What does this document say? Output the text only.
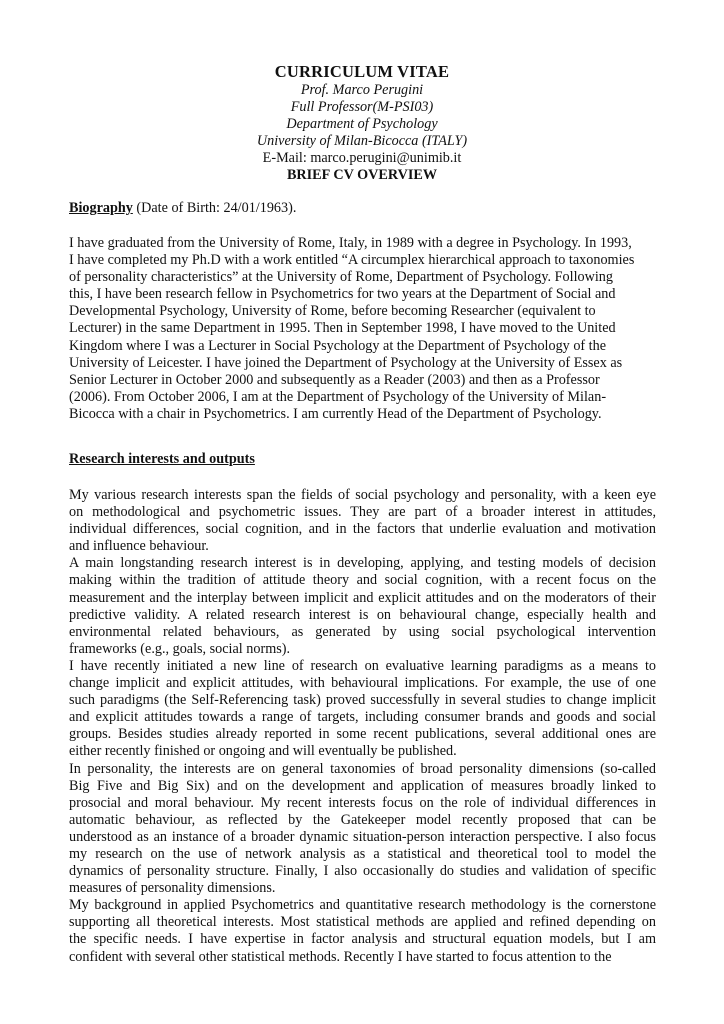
CURRICULUM VITAE
Prof. Marco Perugini
Full Professor(M-PSI03)
Department of Psychology
University of Milan-Bicocca (ITALY)
E-Mail: marco.perugini@unimib.it
BRIEF CV OVERVIEW
Biography (Date of Birth: 24/01/1963).
I have graduated from the University of Rome, Italy, in 1989 with a degree in Psychology. In 1993,
I have completed my Ph.D with a work entitled “A circumplex hierarchical approach to taxonomies
of personality characteristics” at the University of Rome, Department of Psychology. Following
this, I have been research fellow in Psychometrics for two years at the Department of Social and
Developmental Psychology, University of Rome, before becoming Researcher (equivalent to
Lecturer) in the same Department in 1995. Then in September 1998, I have moved to the United
Kingdom where I was a Lecturer in Social Psychology at the Department of Psychology of the
University of Leicester. I have joined the Department of Psychology at the University of Essex as
Senior Lecturer in October 2000 and subsequently as a Reader (2003) and then as a Professor
(2006). From October 2006, I am at the Department of Psychology of the University of Milan-
Bicocca with a chair in Psychometrics. I am currently Head of the Department of Psychology.
Research interests and outputs
My various research interests span the fields of social psychology and personality, with a keen eye
on methodological and psychometric issues. They are part of a broader interest in attitudes,
individual differences, social cognition, and in the factors that underlie evaluation and motivation
and influence behaviour.
A main longstanding research interest is in developing, applying, and testing models of decision
making within the tradition of attitude theory and social cognition, with a recent focus on the
measurement and the interplay between implicit and explicit attitudes and on the moderators of their
predictive validity. A related research interest is on behavioural change, especially health and
environmental related behaviours, as generated by using social psychological intervention
frameworks (e.g., goals, social norms).
I have recently initiated a new line of research on evaluative learning paradigms as a means to
change implicit and explicit attitudes, with behavioural implications. For example, the use of one
such paradigms (the Self-Referencing task) proved successfully in several studies to change implicit
and explicit attitudes towards a range of targets, including consumer brands and goods and social
groups. Besides studies already reported in some recent publications, several additional ones are
either recently finished or ongoing and will eventually be published.
In personality, the interests are on general taxonomies of broad personality dimensions (so-called
Big Five and Big Six) and on the development and application of measures broadly linked to
prosocial and moral behaviour. My recent interests focus on the role of individual differences in
automatic behaviour, as reflected by the Gatekeeper model recently proposed that can be
understood as an instance of a broader dynamic situation-person interaction perspective. I also focus
my research on the use of network analysis as a statistical and theoretical tool to model the
dynamics of personality structure. Finally, I also occasionally do studies and validation of specific
measures of personality dimensions.
My background in applied Psychometrics and quantitative research methodology is the cornerstone
supporting all theoretical interests. Most statistical methods are applied and refined depending on
the specific needs. I have expertise in factor analysis and structural equation models, but I am
confident with several other statistical methods. Recently I have started to focus attention to the
